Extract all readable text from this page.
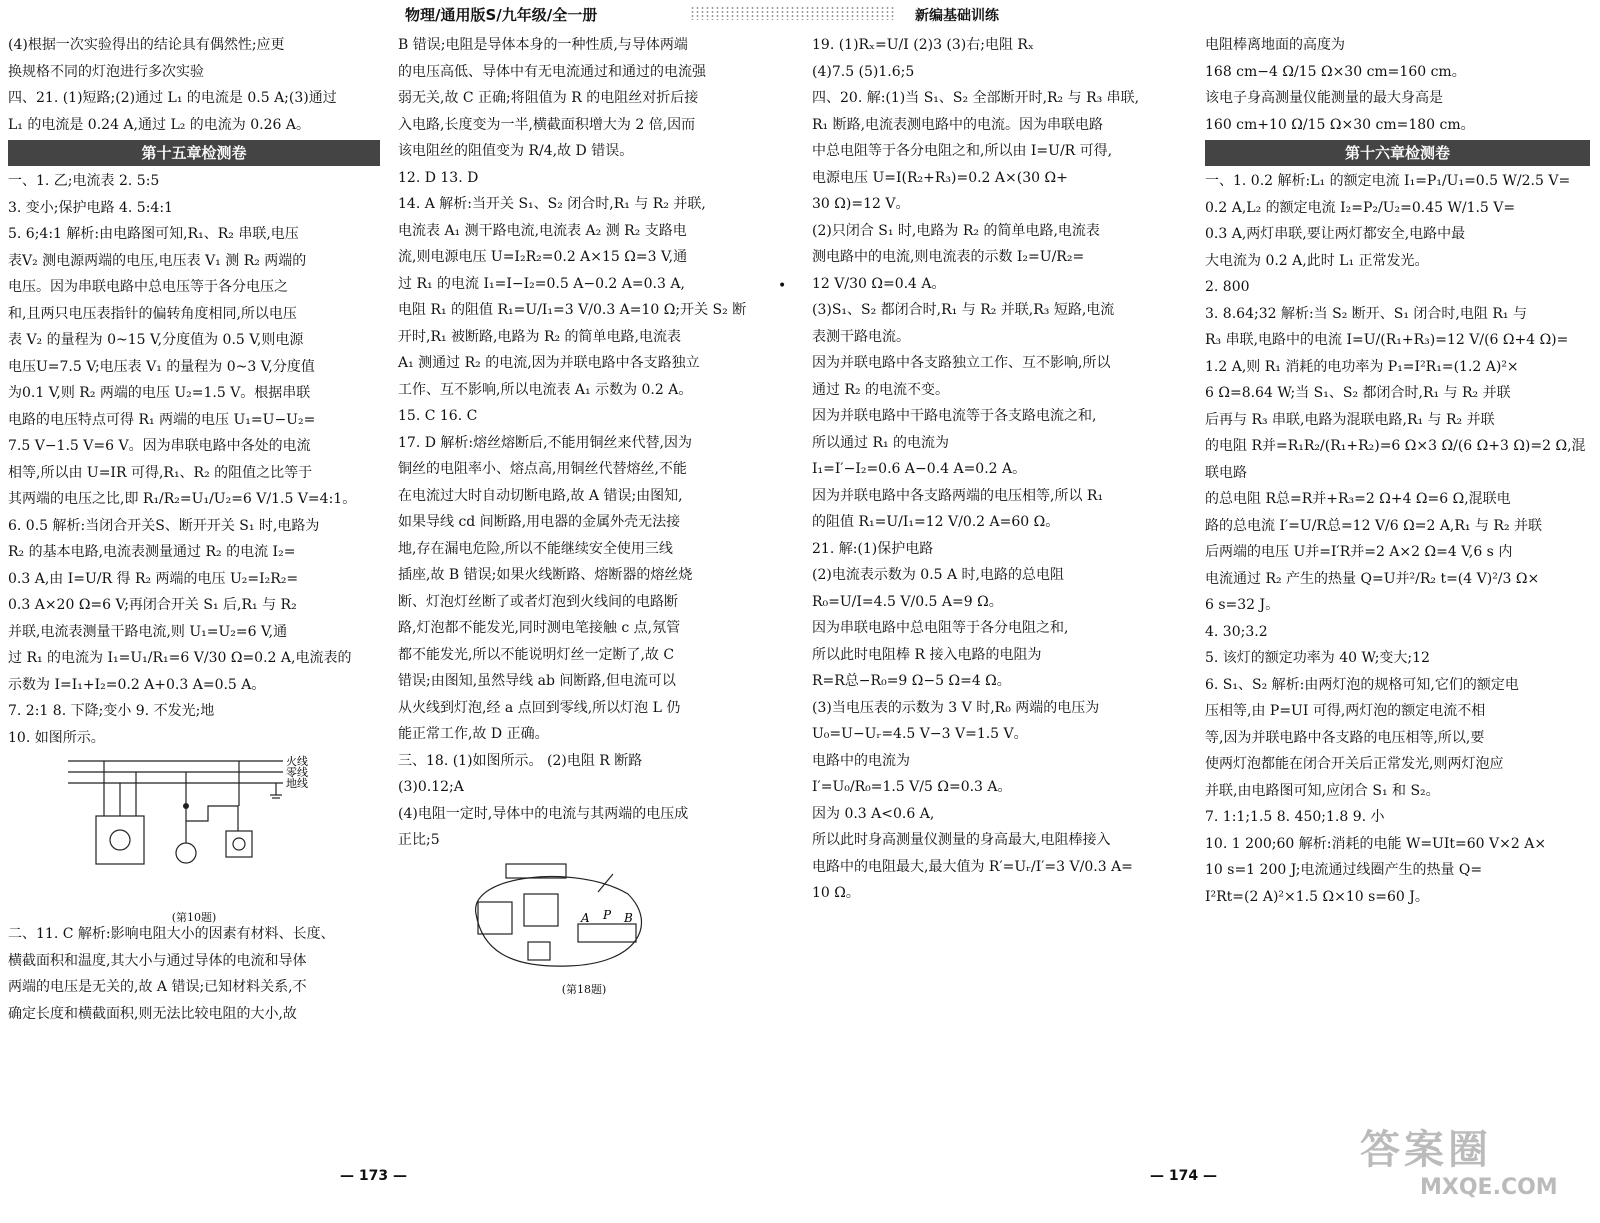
物理/通用版S/九年级/全一册	新编基础训练
•

(4)根据一次实验得出的结论具有偶然性;应更

换规格不同的灯泡进行多次实验

四、21. (1)短路;(2)通过 L₁ 的电流是 0.5 A;(3)通过

L₁ 的电流是 0.24 A,通过 L₂ 的电流为 0.26 A。

第十五章检测卷

一、1. 乙;电流表 2. 5:5

3. 变小;保护电路 4. 5:4:1

5. 6;4:1 解析:由电路图可知,R₁、R₂ 串联,电压

表V₂ 测电源两端的电压,电压表 V₁ 测 R₂ 两端的

电压。因为串联电路中总电压等于各分电压之

和,且两只电压表指针的偏转角度相同,所以电压

表 V₂ 的量程为 0~15 V,分度值为 0.5 V,则电源

电压U=7.5 V;电压表 V₁ 的量程为 0~3 V,分度值

为0.1 V,则 R₂ 两端的电压 U₂=1.5 V。根据串联

电路的电压特点可得 R₁ 两端的电压 U₁=U−U₂=

7.5 V−1.5 V=6 V。因为串联电路中各处的电流

相等,所以由 U=IR 可得,R₁、R₂ 的阻值之比等于

其两端的电压之比,即 R₁/R₂=U₁/U₂=6 V/1.5 V=4:1。

6. 0.5 解析:当闭合开关S、断开开关 S₁ 时,电路为

R₂ 的基本电路,电流表测量通过 R₂ 的电流 I₂=

0.3 A,由 I=U/R 得 R₂ 两端的电压 U₂=I₂R₂=

0.3 A×20 Ω=6 V;再闭合开关 S₁ 后,R₁ 与 R₂

并联,电流表测量干路电流,则 U₁=U₂=6 V,通

过 R₁ 的电流为 I₁=U₁/R₁=6 V/30 Ω=0.2 A,电流表的

示数为 I=I₁+I₂=0.2 A+0.3 A=0.5 A。

7. 2:1 8. 下降;变小 9. 不发光;地

10. 如图所示。

火线
零线
地线
(第10题)

二、11. C 解析:影响电阻大小的因素有材料、长度、

横截面积和温度,其大小与通过导体的电流和导体

两端的电压是无关的,故 A 错误;已知材料关系,不

确定长度和横截面积,则无法比较电阻的大小,故

B 错误;电阻是导体本身的一种性质,与导体两端

的电压高低、导体中有无电流通过和通过的电流强

弱无关,故 C 正确;将阻值为 R 的电阻丝对折后接

入电路,长度变为一半,横截面积增大为 2 倍,因而

该电阻丝的阻值变为 R/4,故 D 错误。

12. D 13. D

14. A 解析:当开关 S₁、S₂ 闭合时,R₁ 与 R₂ 并联,

电流表 A₁ 测干路电流,电流表 A₂ 测 R₂ 支路电

流,则电源电压 U=I₂R₂=0.2 A×15 Ω=3 V,通

过 R₁ 的电流 I₁=I−I₂=0.5 A−0.2 A=0.3 A,

电阻 R₁ 的阻值 R₁=U/I₁=3 V/0.3 A=10 Ω;开关 S₂ 断

开时,R₁ 被断路,电路为 R₂ 的简单电路,电流表

A₁ 测通过 R₂ 的电流,因为并联电路中各支路独立

工作、互不影响,所以电流表 A₁ 示数为 0.2 A。

15. C 16. C

17. D 解析:熔丝熔断后,不能用铜丝来代替,因为

铜丝的电阻率小、熔点高,用铜丝代替熔丝,不能

在电流过大时自动切断电路,故 A 错误;由图知,

如果导线 cd 间断路,用电器的金属外壳无法接

地,存在漏电危险,所以不能继续安全使用三线

插座,故 B 错误;如果火线断路、熔断器的熔丝烧

断、灯泡灯丝断了或者灯泡到火线间的电路断

路,灯泡都不能发光,同时测电笔接触 c 点,氖管

都不能发光,所以不能说明灯丝一定断了,故 C

错误;由图知,虽然导线 ab 间断路,但电流可以

从火线到灯泡,经 a 点回到零线,所以灯泡 L 仍

能正常工作,故 D 正确。

三、18. (1)如图所示。 (2)电阻 R 断路

(3)0.12;A

(4)电阻一定时,导体中的电流与其两端的电压成

正比;5

A P B
(第18题)

19. (1)Rₓ=U/I (2)3 (3)右;电阻 Rₓ

(4)7.5 (5)1.6;5

四、20. 解:(1)当 S₁、S₂ 全部断开时,R₂ 与 R₃ 串联,

R₁ 断路,电流表测电路中的电流。因为串联电路

中总电阻等于各分电阻之和,所以由 I=U/R 可得,

电源电压 U=I(R₂+R₃)=0.2 A×(30 Ω+

30 Ω)=12 V。

(2)只闭合 S₁ 时,电路为 R₂ 的简单电路,电流表

测电路中的电流,则电流表的示数 I₂=U/R₂=

12 V/30 Ω=0.4 A。

(3)S₁、S₂ 都闭合时,R₁ 与 R₂ 并联,R₃ 短路,电流

表测干路电流。

因为并联电路中各支路独立工作、互不影响,所以

通过 R₂ 的电流不变。

因为并联电路中干路电流等于各支路电流之和,

所以通过 R₁ 的电流为

I₁=I′−I₂=0.6 A−0.4 A=0.2 A。

因为并联电路中各支路两端的电压相等,所以 R₁

的阻值 R₁=U/I₁=12 V/0.2 A=60 Ω。

21. 解:(1)保护电路

(2)电流表示数为 0.5 A 时,电路的总电阻

R₀=U/I=4.5 V/0.5 A=9 Ω。

因为串联电路中总电阻等于各分电阻之和,

所以此时电阻棒 R 接入电路的电阻为

R=R总−R₀=9 Ω−5 Ω=4 Ω。

(3)当电压表的示数为 3 V 时,R₀ 两端的电压为

U₀=U−Uᵣ=4.5 V−3 V=1.5 V。

电路中的电流为

I′=U₀/R₀=1.5 V/5 Ω=0.3 A。

因为 0.3 A<0.6 A,

所以此时身高测量仪测量的身高最大,电阻棒接入

电路中的电阻最大,最大值为 R′=Uᵣ/I′=3 V/0.3 A=

10 Ω。

电阻棒离地面的高度为

168 cm−4 Ω/15 Ω×30 cm=160 cm。

该电子身高测量仪能测量的最大身高是

160 cm+10 Ω/15 Ω×30 cm=180 cm。

第十六章检测卷

一、1. 0.2 解析:L₁ 的额定电流 I₁=P₁/U₁=0.5 W/2.5 V=

0.2 A,L₂ 的额定电流 I₂=P₂/U₂=0.45 W/1.5 V=

0.3 A,两灯串联,要让两灯都安全,电路中最

大电流为 0.2 A,此时 L₁ 正常发光。

2. 800

3. 8.64;32 解析:当 S₂ 断开、S₁ 闭合时,电阻 R₁ 与

R₃ 串联,电路中的电流 I=U/(R₁+R₃)=12 V/(6 Ω+4 Ω)=

1.2 A,则 R₁ 消耗的电功率为 P₁=I²R₁=(1.2 A)²×

6 Ω=8.64 W;当 S₁、S₂ 都闭合时,R₁ 与 R₂ 并联

后再与 R₃ 串联,电路为混联电路,R₁ 与 R₂ 并联

的电阻 R并=R₁R₂/(R₁+R₂)=6 Ω×3 Ω/(6 Ω+3 Ω)=2 Ω,混联电路

的总电阻 R总=R并+R₃=2 Ω+4 Ω=6 Ω,混联电

路的总电流 I′=U/R总=12 V/6 Ω=2 A,R₁ 与 R₂ 并联

后两端的电压 U并=I′R并=2 A×2 Ω=4 V,6 s 内

电流通过 R₂ 产生的热量 Q=U并²/R₂ t=(4 V)²/3 Ω×

6 s=32 J。

4. 30;3.2

5. 该灯的额定功率为 40 W;变大;12

6. S₁、S₂ 解析:由两灯泡的规格可知,它们的额定电

压相等,由 P=UI 可得,两灯泡的额定电流不相

等,因为并联电路中各支路的电压相等,所以,要

使两灯泡都能在闭合开关后正常发光,则两灯泡应

并联,由电路图可知,应闭合 S₁ 和 S₂。

7. 1:1;1.5 8. 450;1.8 9. 小

10. 1 200;60 解析:消耗的电能 W=UIt=60 V×2 A×

10 s=1 200 J;电流通过线圈产生的热量 Q=

I²Rt=(2 A)²×1.5 Ω×10 s=60 J。

— 173 —	— 174 —
答案圈
MXQE.COM
